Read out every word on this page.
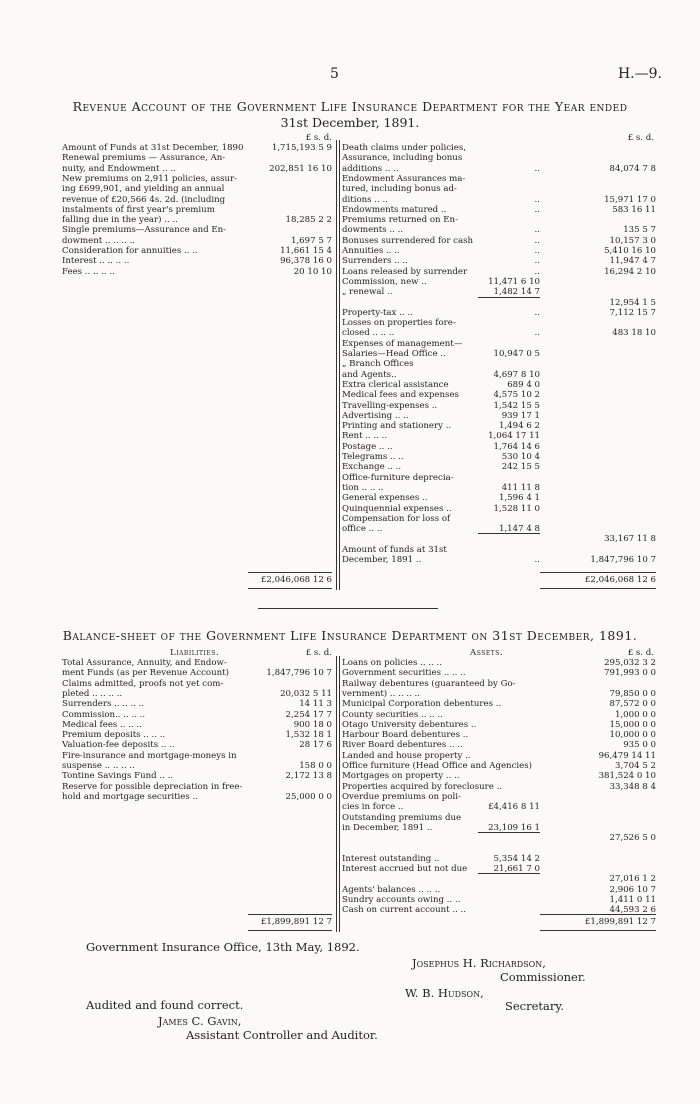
5	H.—9.
Revenue Account of the Government Life Insurance Department for the Year ended
31st December, 1891.
£ s. d.	£ s. d.
Amount of Funds at 31st December, 1890	1,715,193 5 9
Renewal premiums — Assurance, An-
nuity, and Endowment .. ..	202,851 16 10
New premiums on 2,911 policies, assur-
ing £699,901, and yielding an annual
revenue of £20,566 4s. 2d. (including
instalments of first year's premium
falling due in the year) .. ..	18,285 2 2
Single premiums—Assurance and En-
dowment .. .. .. ..	1,697 5 7
Consideration for annuities .. ..	11,661 15 4
Interest .. .. .. ..	96,378 16 0
Fees .. .. .. ..	20 10 10
Death claims under policies,
Assurance, including bonus
additions .. ..	..	84,074 7 8
Endowment Assurances ma-
tured, including bonus ad-
ditions .. ..	..	15,971 17 0
Endowments matured ..	..	583 16 11
Premiums returned on En-
dowments .. ..	..	135 5 7
Bonuses surrendered for cash	..	10,157 3 0
Annuities .. ..	..	5,410 16 10
Surrenders .. ..	..	11,947 4 7
Loans released by surrender	..	16,294 2 10
Commission, new ..	11,471 6 10
„ renewal ..	1,482 14 7
12,954 1 5
Property-tax .. ..	..	7,112 15 7
Losses on properties fore-
closed .. .. ..	..	483 18 10
Expenses of management—
Salaries—Head Office ..	10,947 0 5
„ Branch Offices
and Agents..	4,697 8 10
Extra clerical assistance	689 4 0
Medical fees and expenses	4,575 10 2
Travelling-expenses ..	1,542 15 5
Advertising .. ..	939 17 1
Printing and stationery ..	1,494 6 2
Rent .. .. ..	1,064 17 11
Postage .. ..	1,764 14 6
Telegrams .. ..	530 10 4
Exchange .. ..	242 15 5
Office-furniture deprecia-
tion .. .. ..	411 11 8
General expenses ..	1,596 4 1
Quinquennial expenses ..	1,528 11 0
Compensation for loss of
office .. ..	1,147 4 8
33,167 11 8
Amount of funds at 31st
December, 1891 ..	..	1,847,796 10 7
£2,046,068 12 6	£2,046,068 12 6
Balance-sheet of the Government Life Insurance Department on 31st December, 1891.
Liabilities.	£ s. d.	Assets.	£ s. d.
Total Assurance, Annuity, and Endow-
ment Funds (as per Revenue Account)	1,847,796 10 7
Claims admitted, proofs not yet com-
pleted .. .. .. ..	20,032 5 11
Surrenders .. .. .. ..	14 11 3
Commission.. .. .. ..	2,254 17 7
Medical fees .. .. ..	900 18 0
Premium deposits .. .. ..	1,532 18 1
Valuation-fee deposits .. ..	28 17 6
Fire-insurance and mortgage-moneys in
suspense .. .. .. ..	158 0 0
Tontine Savings Fund .. ..	2,172 13 8
Reserve for possible depreciation in free-
hold and mortgage securities ..	25,000 0 0
Loans on policies .. .. ..	295,032 3 2
Government securities .. .. ..	791,993 0 0
Railway debentures (guaranteed by Go-
vernment) .. .. .. ..	79,850 0 0
Municipal Corporation debentures ..	87,572 0 0
County securities .. .. ..	1,000 0 0
Otago University debentures ..	15,000 0 0
Harbour Board debentures ..	10,000 0 0
River Board debentures .. ..	935 0 0
Landed and house property ..	96,479 14 11
Office furniture (Head Office and Agencies)	3,704 5 2
Mortgages on property .. ..	381,524 0 10
Properties acquired by foreclosure ..	33,348 8 4
Overdue premiums on poli-
cies in force ..	£4,416 8 11
Outstanding premiums due
in December, 1891 ..	23,109 16 1
27,526 5 0
Interest outstanding ..	5,354 14 2
Interest accrued but not due	21,661 7 0
27,016 1 2
Agents' balances .. .. ..	2,906 10 7
Sundry accounts owing .. ..	1,411 0 11
Cash on current account .. ..	44,593 2 6
£1,899,891 12 7	£1,899,891 12 7
Government Insurance Office, 13th May, 1892.
Josephus H. Richardson,
Commissioner.
W. B. Hudson,
Secretary.
Audited and found correct.
James C. Gavin,
Assistant Controller and Auditor.
